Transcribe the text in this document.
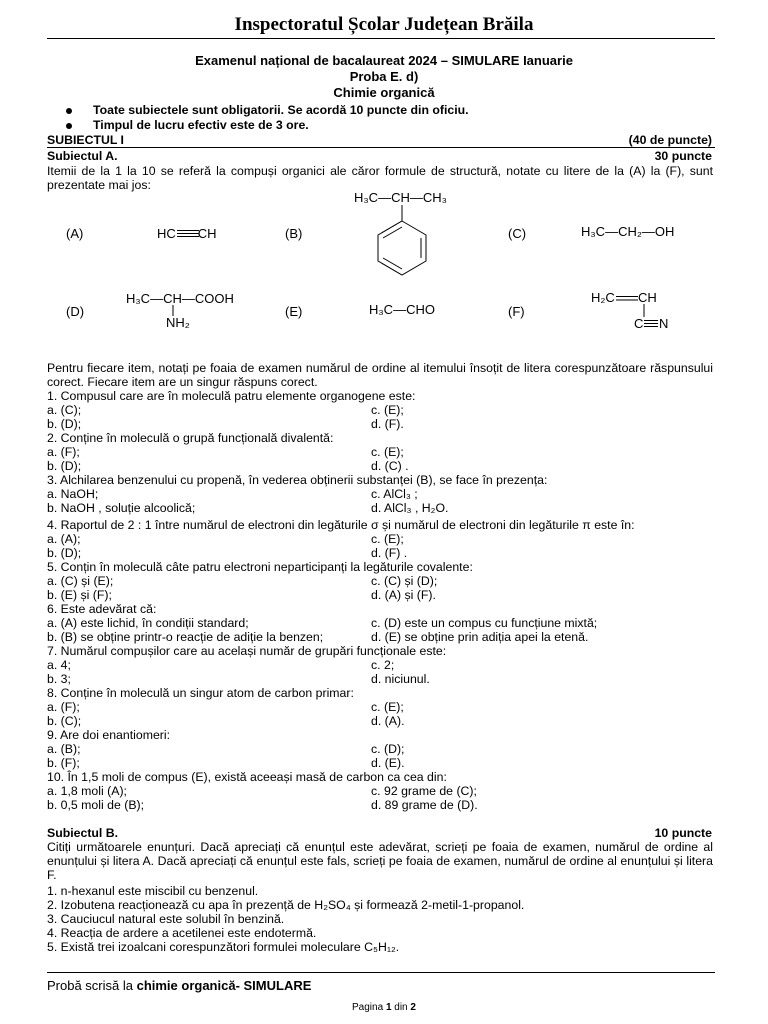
Inspectoratul Școlar Județean Brăila
Examenul național de bacalaureat 2024 – SIMULARE Ianuarie
Proba E. d)
Chimie organică
Toate subiectele sunt obligatorii. Se acordă 10 puncte din oficiu.
Timpul de lucru efectiv este de 3 ore.
SUBIECTUL I	(40 de puncte)
Subiectul A.	30 puncte
Itemii de la 1 la 10 se referă la compuși organici ale căror formule de structură, notate cu litere de la (A) la (F), sunt prezentate mai jos:
(A)	HC CH	(B)
H₃C—CH—CH₃
(C)	H₃C—CH₂—OH
(D)
H₃C—CH—COOH
NH₂
(E)	H₃C—CHO	(F)
H₂C CH
C N
Pentru fiecare item, notați pe foaia de examen numărul de ordine al itemului însoțit de litera corespunzătoare răspunsului corect. Fiecare item are un singur răspuns corect.
1. Compusul care are în moleculă patru elemente organogene este:
a. (C);	c. (E);
b. (D);	d. (F).
2. Conține în moleculă o grupă funcțională divalentă:
a. (F);	c. (E);
b. (D);	d. (C) .
3. Alchilarea benzenului cu propenă, în vederea obținerii substanței (B), se face în prezența:
a. NaOH;	c. AlCl₃ ;
b. NaOH , soluție alcoolică;	d. AlCl₃ , H₂O.
4. Raportul de 2 : 1 între numărul de electroni din legăturile σ și numărul de electroni din legăturile π este în:
a. (A);	c. (E);
b. (D);	d. (F) .
5. Conțin în moleculă câte patru electroni neparticipanți la legăturile covalente:
a. (C) și (E);	c. (C) și (D);
b. (E) și (F);	d. (A) și (F).
6. Este adevărat că:
a. (A) este lichid, în condiții standard;	c. (D) este un compus cu funcțiune mixtă;
b. (B) se obține printr-o reacție de adiție la benzen;	d. (E) se obține prin adiția apei la etenă.
7. Numărul compușilor care au același număr de grupări funcționale este:
a. 4;	c. 2;
b. 3;	d. niciunul.
8. Conține în moleculă un singur atom de carbon primar:
a. (F);	c. (E);
b. (C);	d. (A).
9. Are doi enantiomeri:
a. (B);	c. (D);
b. (F);	d. (E).
10. În 1,5 moli de compus (E), există aceeași masă de carbon ca cea din:
a. 1,8 moli (A);	c. 92 grame de (C);
b. 0,5 moli de (B);	d. 89 grame de (D).
Subiectul B.	10 puncte
Citiți următoarele enunțuri. Dacă apreciați că enunțul este adevărat, scrieți pe foaia de examen, numărul de ordine al enunțului și litera A. Dacă apreciați că enunțul este fals, scrieți pe foaia de examen, numărul de ordine al enunțului și litera F.
1. n-hexanul este miscibil cu benzenul.
2. Izobutena reacționează cu apa în prezență de H₂SO₄ și formează 2-metil-1-propanol.
3. Cauciucul natural este solubil în benzină.
4. Reacția de ardere a acetilenei este endotermă.
5. Există trei izoalcani corespunzători formulei moleculare C₅H₁₂.
Probă scrisă la chimie organică- SIMULARE
Pagina 1 din 2
